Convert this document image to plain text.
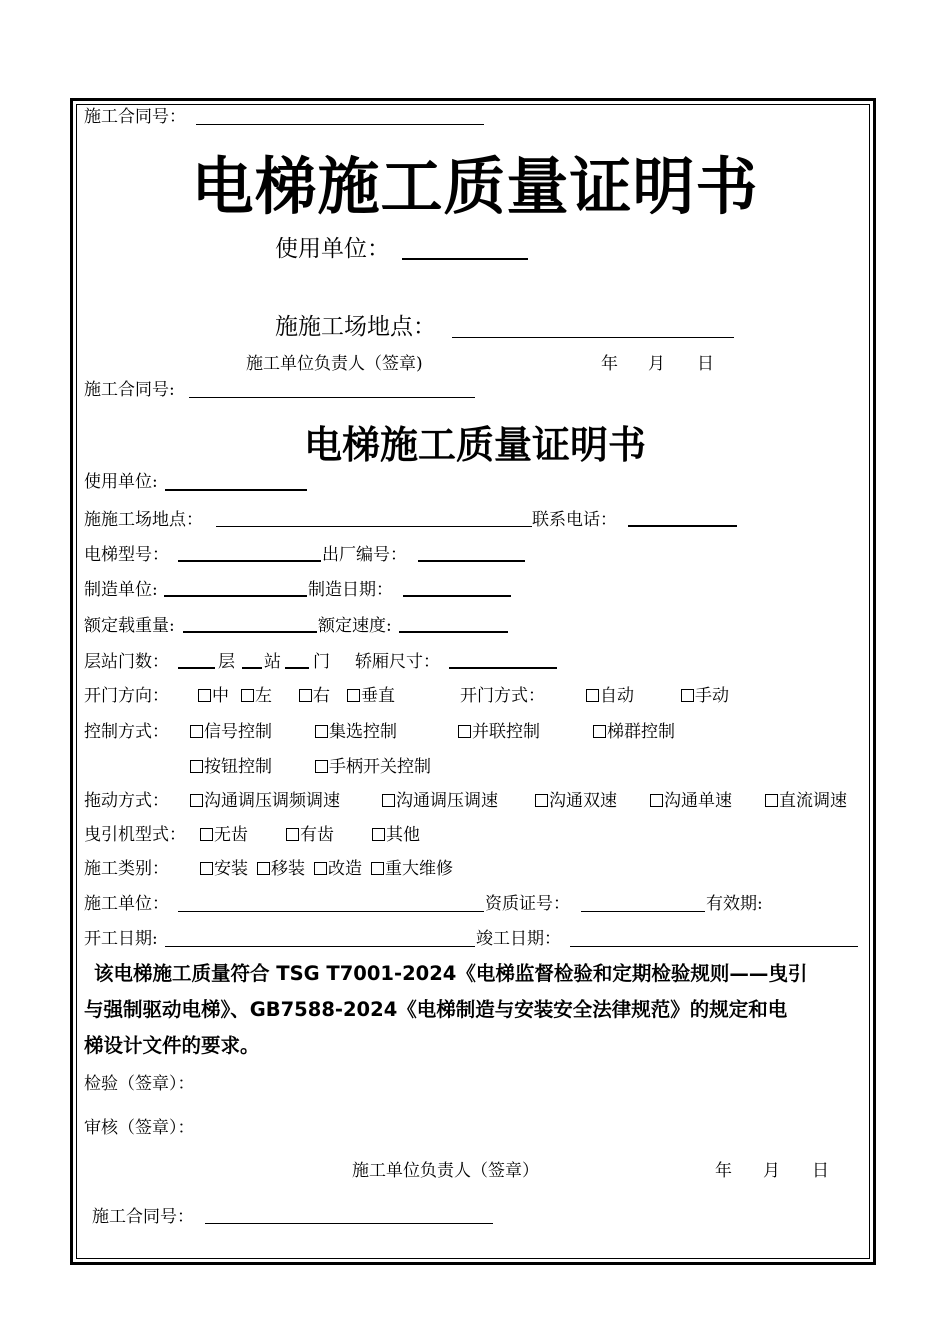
施工合同号：
电梯施工质量证明书
使用单位：
施施工场地点：
施工单位负责人（签章)	年 月 日
施工合同号:
电梯施工质量证明书
使用单位:
施施工场地点：	联系电话：
电梯型号：	出厂编号：
制造单位:	制造日期：
额定载重量:	额定速度:
层站门数：	层 站 门 轿厢尺寸：
开门方向：	中	左	右	垂直	开门方式：	自动	手动
控制方式：	信号控制	集选控制	并联控制	梯群控制
按钮控制	手柄开关控制
拖动方式：	沟通调压调频调速	沟通调压调速	沟通双速	沟通单速	直流调速
曳引机型式：	无齿	有齿	其他
施工类别：	安装	移装	改造	重大维修
施工单位：	资质证号：	有效期:
开工日期:	竣工日期：
该电梯施工质量符合 TSG T7001-2024《电梯监督检验和定期检验规则——曳引
与强制驱动电梯》、GB7588-2024《电梯制造与安装安全法律规范》的规定和电
梯设计文件的要求。
检验（签章）：
审核（签章）：
施工单位负责人（签章）	年 月 日
施工合同号：
